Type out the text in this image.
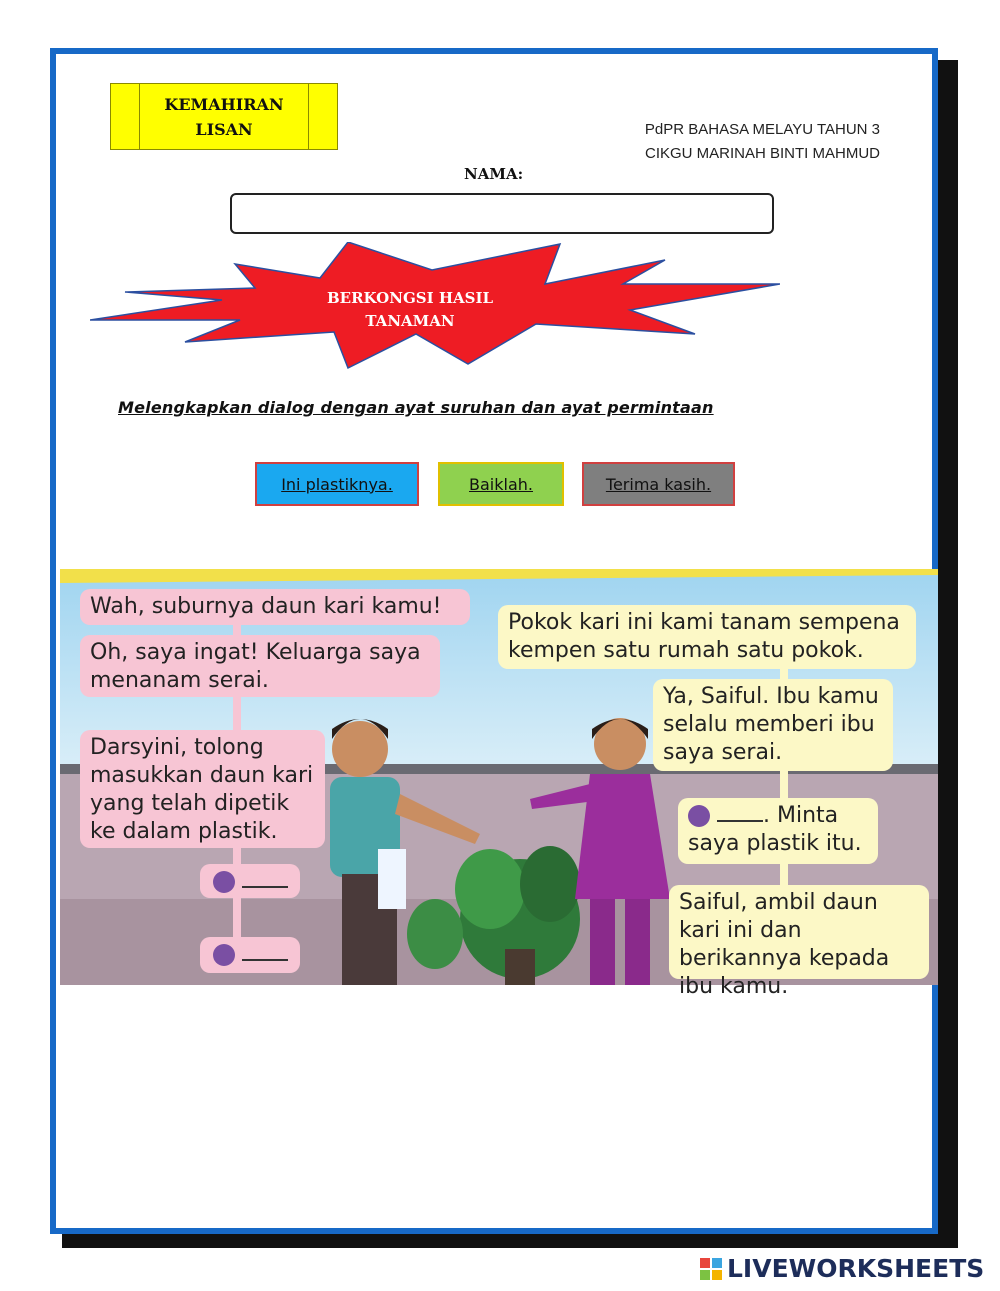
KEMAHIRAN
LISAN	PdPR BAHASA MELAYU TAHUN 3
CIKGU MARINAH BINTI MAHMUD
NAMA:
BERKONGSI HASIL
TANAMAN
Melengkapkan dialog dengan ayat suruhan dan ayat permintaan
Ini plastiknya.	Baiklah.	Terima kasih.
Wah, suburnya daun kari kamu!
Oh, saya ingat! Keluarga saya menanam serai.
Darsyini, tolong masukkan daun kari yang telah dipetik ke dalam plastik.

Pokok kari ini kami tanam sempena kempen satu rumah satu pokok.
Ya, Saiful. Ibu kamu selalu memberi ibu saya serai.
. Minta saya plastik itu.
Saiful, ambil daun kari ini dan berikannya kepada ibu kamu.
LIVEWORKSHEETS
